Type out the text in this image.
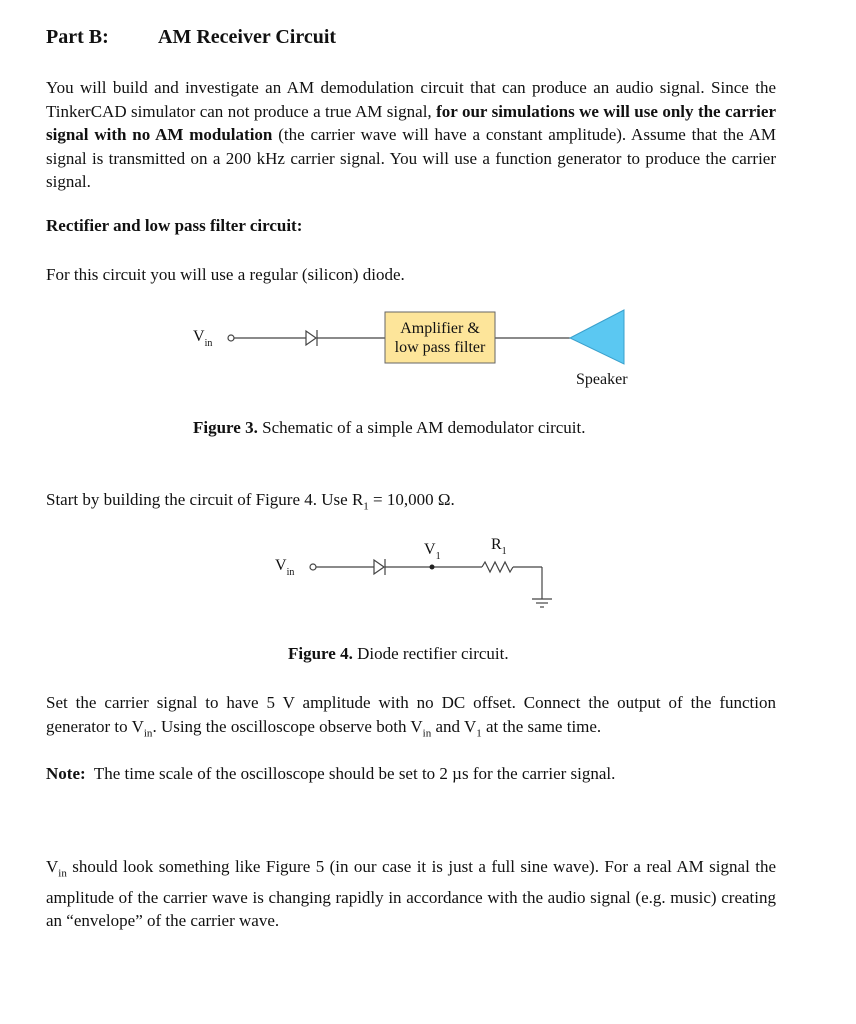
Part B: AM Receiver Circuit
You will build and investigate an AM demodulation circuit that can produce an audio signal. Since the TinkerCAD simulator can not produce a true AM signal, for our simulations we will use only the carrier signal with no AM modulation (the carrier wave will have a constant amplitude). Assume that the AM signal is transmitted on a 200 kHz carrier signal. You will use a function generator to produce the carrier signal.
Rectifier and low pass filter circuit:
For this circuit you will use a regular (silicon) diode.
$V_{in}$
Amplifier &
low pass filter
Speaker
Figure 3. Schematic of a simple AM demodulator circuit.
Start by building the circuit of Figure 4. Use $R_1 = 10,000$ Ω.
$V_{in}$
$V_1$
$R_1$
Figure 4. Diode rectifier circuit.
Set the carrier signal to have 5 V amplitude with no DC offset. Connect the output of the function generator to $V_{in}$. Using the oscilloscope observe both $V_{in}$ and $V_1$ at the same time.
Note:  The time scale of the oscilloscope should be set to 2 µs for the carrier signal.
$V_{in}$ should look something like Figure 5 (in our case it is just a full sine wave). For a real AM signal the amplitude of the carrier wave is changing rapidly in accordance with the audio signal (e.g. music) creating an “envelope” of the carrier wave.
